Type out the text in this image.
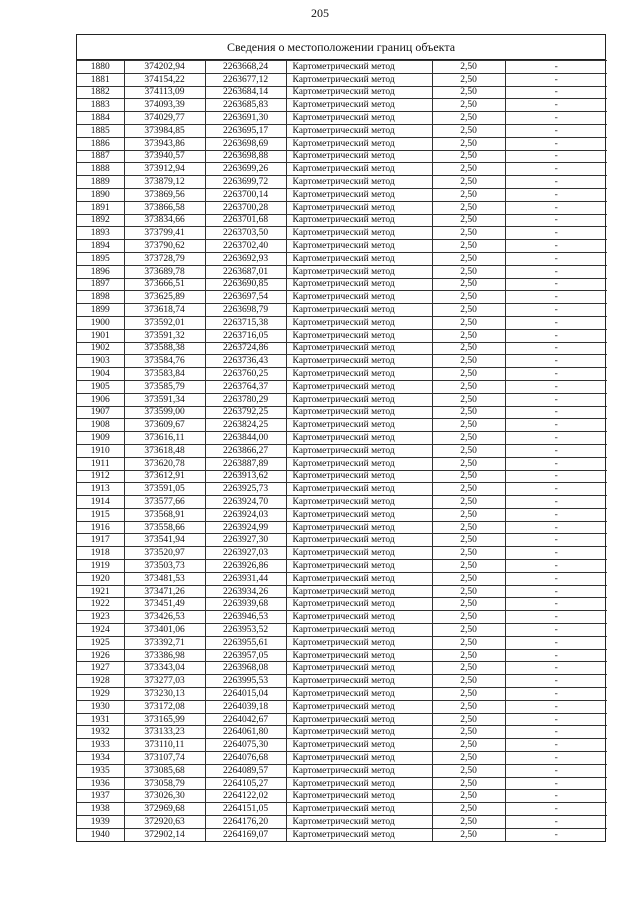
205
Сведения о местоположении границ объекта
1880	374202,94	2263668,24	Картометрический метод	2,50	-
1881	374154,22	2263677,12	Картометрический метод	2,50	-
1882	374113,09	2263684,14	Картометрический метод	2,50	-
1883	374093,39	2263685,83	Картометрический метод	2,50	-
1884	374029,77	2263691,30	Картометрический метод	2,50	-
1885	373984,85	2263695,17	Картометрический метод	2,50	-
1886	373943,86	2263698,69	Картометрический метод	2,50	-
1887	373940,57	2263698,88	Картометрический метод	2,50	-
1888	373912,94	2263699,26	Картометрический метод	2,50	-
1889	373879,12	2263699,72	Картометрический метод	2,50	-
1890	373869,56	2263700,14	Картометрический метод	2,50	-
1891	373866,58	2263700,28	Картометрический метод	2,50	-
1892	373834,66	2263701,68	Картометрический метод	2,50	-
1893	373799,41	2263703,50	Картометрический метод	2,50	-
1894	373790,62	2263702,40	Картометрический метод	2,50	-
1895	373728,79	2263692,93	Картометрический метод	2,50	-
1896	373689,78	2263687,01	Картометрический метод	2,50	-
1897	373666,51	2263690,85	Картометрический метод	2,50	-
1898	373625,89	2263697,54	Картометрический метод	2,50	-
1899	373618,74	2263698,79	Картометрический метод	2,50	-
1900	373592,01	2263715,38	Картометрический метод	2,50	-
1901	373591,32	2263716,05	Картометрический метод	2,50	-
1902	373588,38	2263724,86	Картометрический метод	2,50	-
1903	373584,76	2263736,43	Картометрический метод	2,50	-
1904	373583,84	2263760,25	Картометрический метод	2,50	-
1905	373585,79	2263764,37	Картометрический метод	2,50	-
1906	373591,34	2263780,29	Картометрический метод	2,50	-
1907	373599,00	2263792,25	Картометрический метод	2,50	-
1908	373609,67	2263824,25	Картометрический метод	2,50	-
1909	373616,11	2263844,00	Картометрический метод	2,50	-
1910	373618,48	2263866,27	Картометрический метод	2,50	-
1911	373620,78	2263887,89	Картометрический метод	2,50	-
1912	373612,91	2263913,62	Картометрический метод	2,50	-
1913	373591,05	2263925,73	Картометрический метод	2,50	-
1914	373577,66	2263924,70	Картометрический метод	2,50	-
1915	373568,91	2263924,03	Картометрический метод	2,50	-
1916	373558,66	2263924,99	Картометрический метод	2,50	-
1917	373541,94	2263927,30	Картометрический метод	2,50	-
1918	373520,97	2263927,03	Картометрический метод	2,50	-
1919	373503,73	2263926,86	Картометрический метод	2,50	-
1920	373481,53	2263931,44	Картометрический метод	2,50	-
1921	373471,26	2263934,26	Картометрический метод	2,50	-
1922	373451,49	2263939,68	Картометрический метод	2,50	-
1923	373426,53	2263946,53	Картометрический метод	2,50	-
1924	373401,06	2263953,52	Картометрический метод	2,50	-
1925	373392,71	2263955,61	Картометрический метод	2,50	-
1926	373386,98	2263957,05	Картометрический метод	2,50	-
1927	373343,04	2263968,08	Картометрический метод	2,50	-
1928	373277,03	2263995,53	Картометрический метод	2,50	-
1929	373230,13	2264015,04	Картометрический метод	2,50	-
1930	373172,08	2264039,18	Картометрический метод	2,50	-
1931	373165,99	2264042,67	Картометрический метод	2,50	-
1932	373133,23	2264061,80	Картометрический метод	2,50	-
1933	373110,11	2264075,30	Картометрический метод	2,50	-
1934	373107,74	2264076,68	Картометрический метод	2,50	-
1935	373085,68	2264089,57	Картометрический метод	2,50	-
1936	373058,79	2264105,27	Картометрический метод	2,50	-
1937	373026,30	2264122,02	Картометрический метод	2,50	-
1938	372969,68	2264151,05	Картометрический метод	2,50	-
1939	372920,63	2264176,20	Картометрический метод	2,50	-
1940	372902,14	2264169,07	Картометрический метод	2,50	-
